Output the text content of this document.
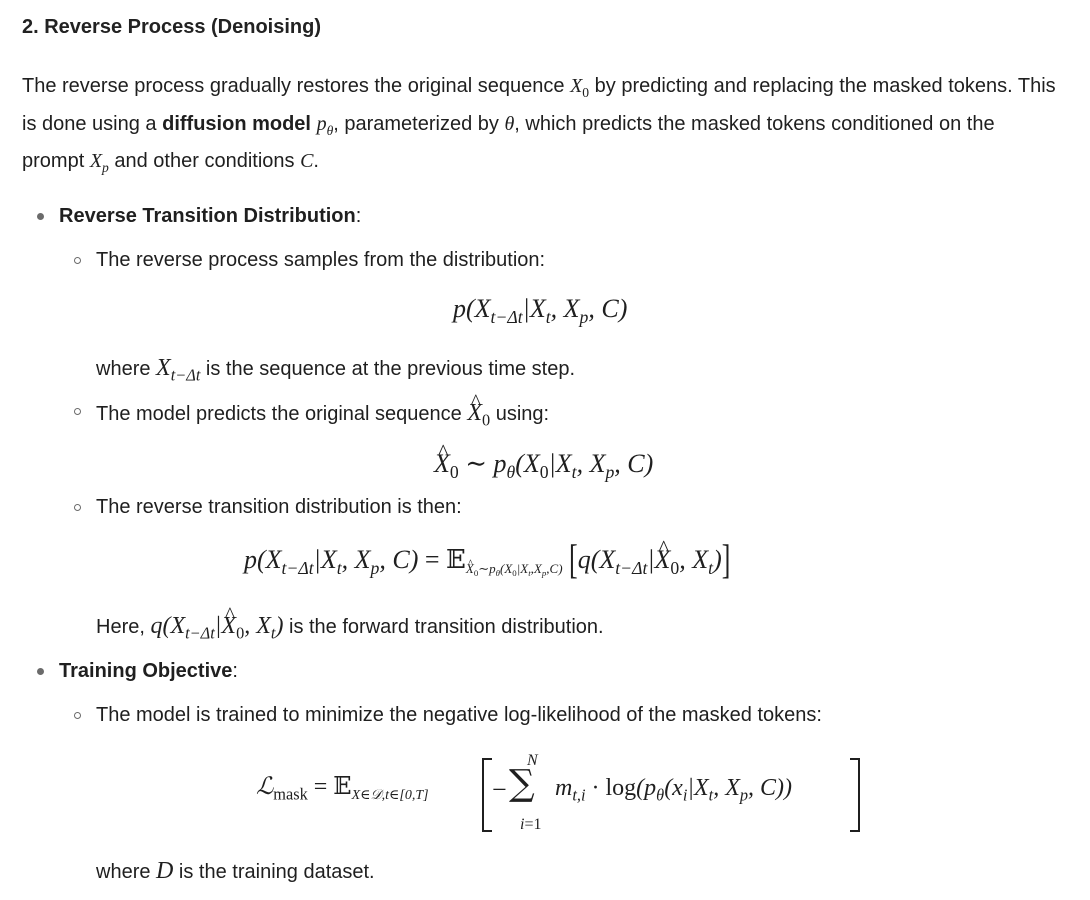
2. Reverse Process (Denoising)
The reverse process gradually restores the original sequence $X_0$ by predicting and replacing the masked tokens. This is done using a diffusion model $p_\theta$, parameterized by θ, which predicts the masked tokens conditioned on the prompt $X_p$ and other conditions C.
Reverse Transition Distribution:
The reverse process samples from the distribution:
$p(X_{t-\Delta t}|X_t$, $X_p$, C)
where $X_{t-\Delta t}$ is the sequence at the previous time step.
The model predicts the original sequence ^ $X_0$ using:
^ $X_0$ ∼ $p_\theta(X_0|X_t$, $X_p$, C)
The reverse transition distribution is then:
$p(X_{t-\Delta t}|X_t$, $X_p$, C) = 𝔼$_{X_0\sim p_\theta(X_0|X_t,X_p,C)}$ [$q(X_{t-\Delta t}|\^{}$ $X_0$, $X_t$)]
Here, $q(X_{t-\Delta t}|\^{}$ $X_0$, $X_t$) is the forward transition distribution.
Training Objective:
The model is trained to minimize the negative log-likelihood of the masked tokens:
ℒ$_{mask}$ = 𝔼$_{X\in 𝒟,t\in[0,T]}$ −
N
∑
i=1
$m_{t,i} \cdot \log(p_\theta(x_i|X_t$, $X_p$, C))
where D is the training dataset.
